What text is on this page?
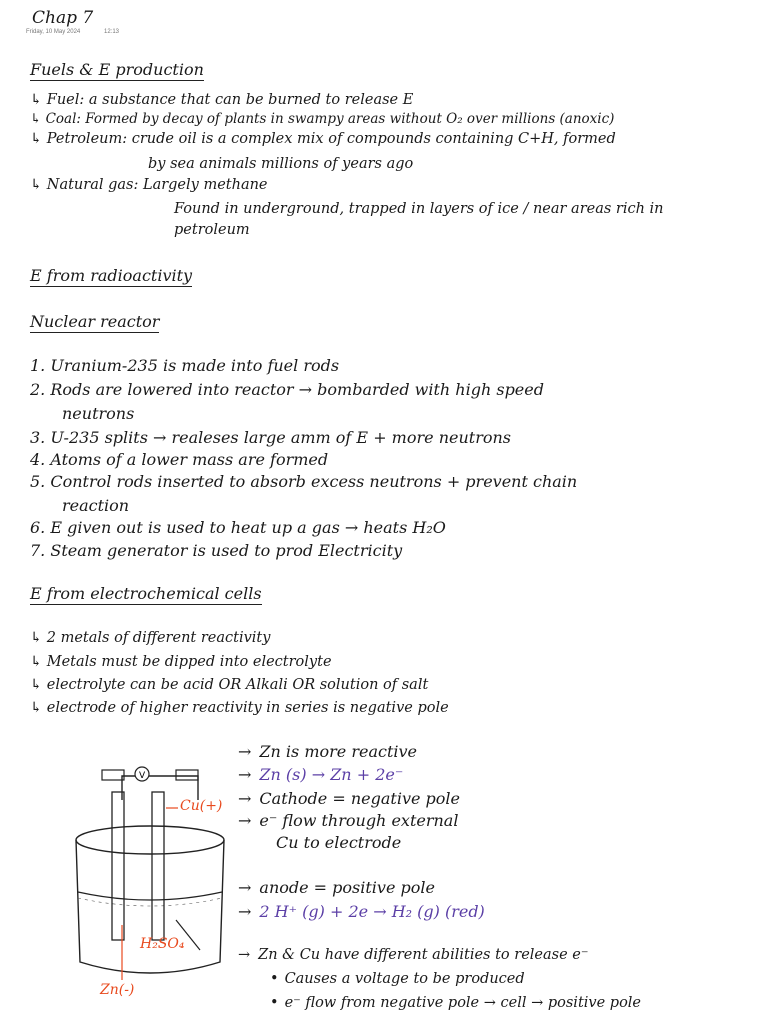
Chap 7
Friday, 10 May 2024	12:13
Fuels & E production
↳ Fuel: a substance that can be burned to release E
↳ Coal: Formed by decay of plants in swampy areas without O₂ over millions (anoxic)
↳ Petroleum: crude oil is a complex mix of compounds containing C+H, formed
by sea animals millions of years ago
↳ Natural gas: Largely methane
Found in underground, trapped in layers of ice / near areas rich in
petroleum
E from radioactivity
Nuclear reactor
1. Uranium-235 is made into fuel rods
2. Rods are lowered into reactor → bombarded with high speed
neutrons
3. U-235 splits → realeses large amm of E + more neutrons
4. Atoms of a lower mass are formed
5. Control rods inserted to absorb excess neutrons + prevent chain
reaction
6. E given out is used to heat up a gas → heats H₂O
7. Steam generator is used to prod Electricity
E from electrochemical cells
↳ 2 metals of different reactivity
↳ Metals must be dipped into electrolyte
↳ electrolyte can be acid OR Alkali OR solution of salt
↳ electrode of higher reactivity in series is negative pole
V
Cu(+)
H₂SO₄
Zn(-)
→ Zn is more reactive
→ Zn (s) → Zn + 2e⁻
→ Cathode = negative pole
→ e⁻ flow through external
Cu to electrode
→ anode = positive pole
→ 2 H⁺ (g) + 2e → H₂ (g) (red)
→ Zn & Cu have different abilities to release e⁻
• Causes a voltage to be produced
• e⁻ flow from negative pole → cell → positive pole
